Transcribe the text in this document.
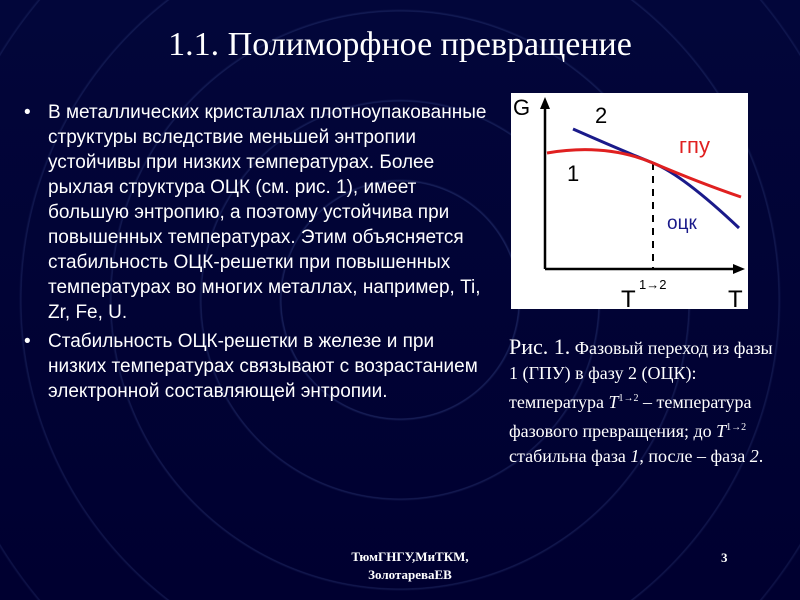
1.1. Полиморфное превращение
• В металлических кристаллах плотноупакованные структуры вследствие меньшей энтропии устойчивы при низких температурах. Более рыхлая структура ОЦК (см. рис. 1), имеет большую энтропию, а поэтому устойчива при повышенных температурах. Этим объясняется стабильность ОЦК-решетки при повышенных температурах во многих металлах, например, Ti, Zr, Fe, U.
• Стабильность ОЦК-решетки в железе и при низких температурах связывают с возрастанием электронной составляющей энтропии.
G	2
1
гпу
оцк
T
1→2
T
Рис. 1. Фазовый переход из фазы 1 (ГПУ) в фазу 2 (ОЦК): температура $T^{1\to 2}$ – температура фазового превращения; до $T^{1\to 2}$ стабильна фаза 1, после – фаза 2.
ТюмГНГУ,МиТКМ,
ЗолотареваЕВ
3
